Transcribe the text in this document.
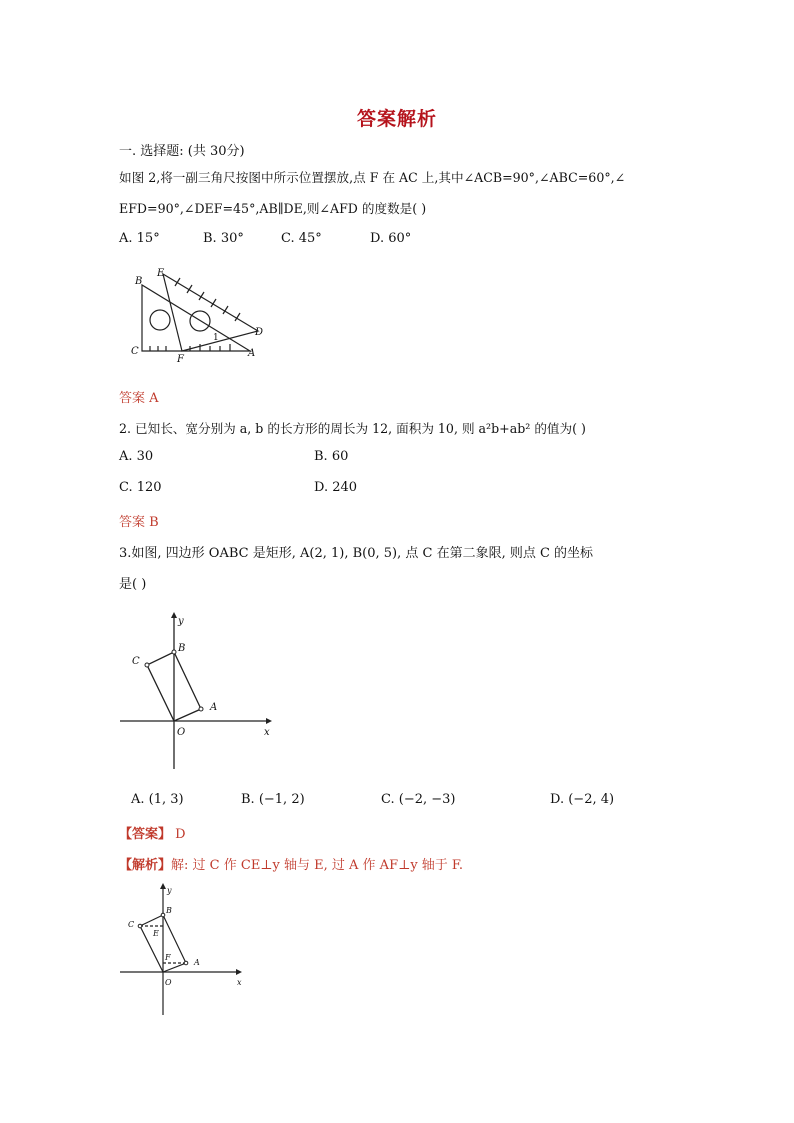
答案解析
一. 选择题: (共 30分)
如图 2,将一副三角尺按图中所示位置摆放,点 F 在 AC 上,其中∠ACB=90°,∠ABC=60°,∠
EFD=90°,∠DEF=45°,AB∥DE,则∠AFD 的度数是( )
A. 15°	B. 30°	C. 45°	D. 60°
B
E
C
F
A
D
1
答案 A
2. 已知长、宽分别为 a, b 的长方形的周长为 12, 面积为 10, 则 a²b+ab² 的值为( )
A. 30	B. 60
C. 120	D. 240
答案 B
3.如图, 四边形 OABC 是矩形, A(2, 1), B(0, 5), 点 C 在第二象限, 则点 C 的坐标
是( )
y
B
C
A
O	x
A. (1, 3)	B. (−1, 2)	C. (−2, −3)	D. (−2, 4)
【答案】 D
【解析】解: 过 C 作 CE⊥y 轴与 E, 过 A 作 AF⊥y 轴于 F.
y
B
C
E
F
A
O	x
